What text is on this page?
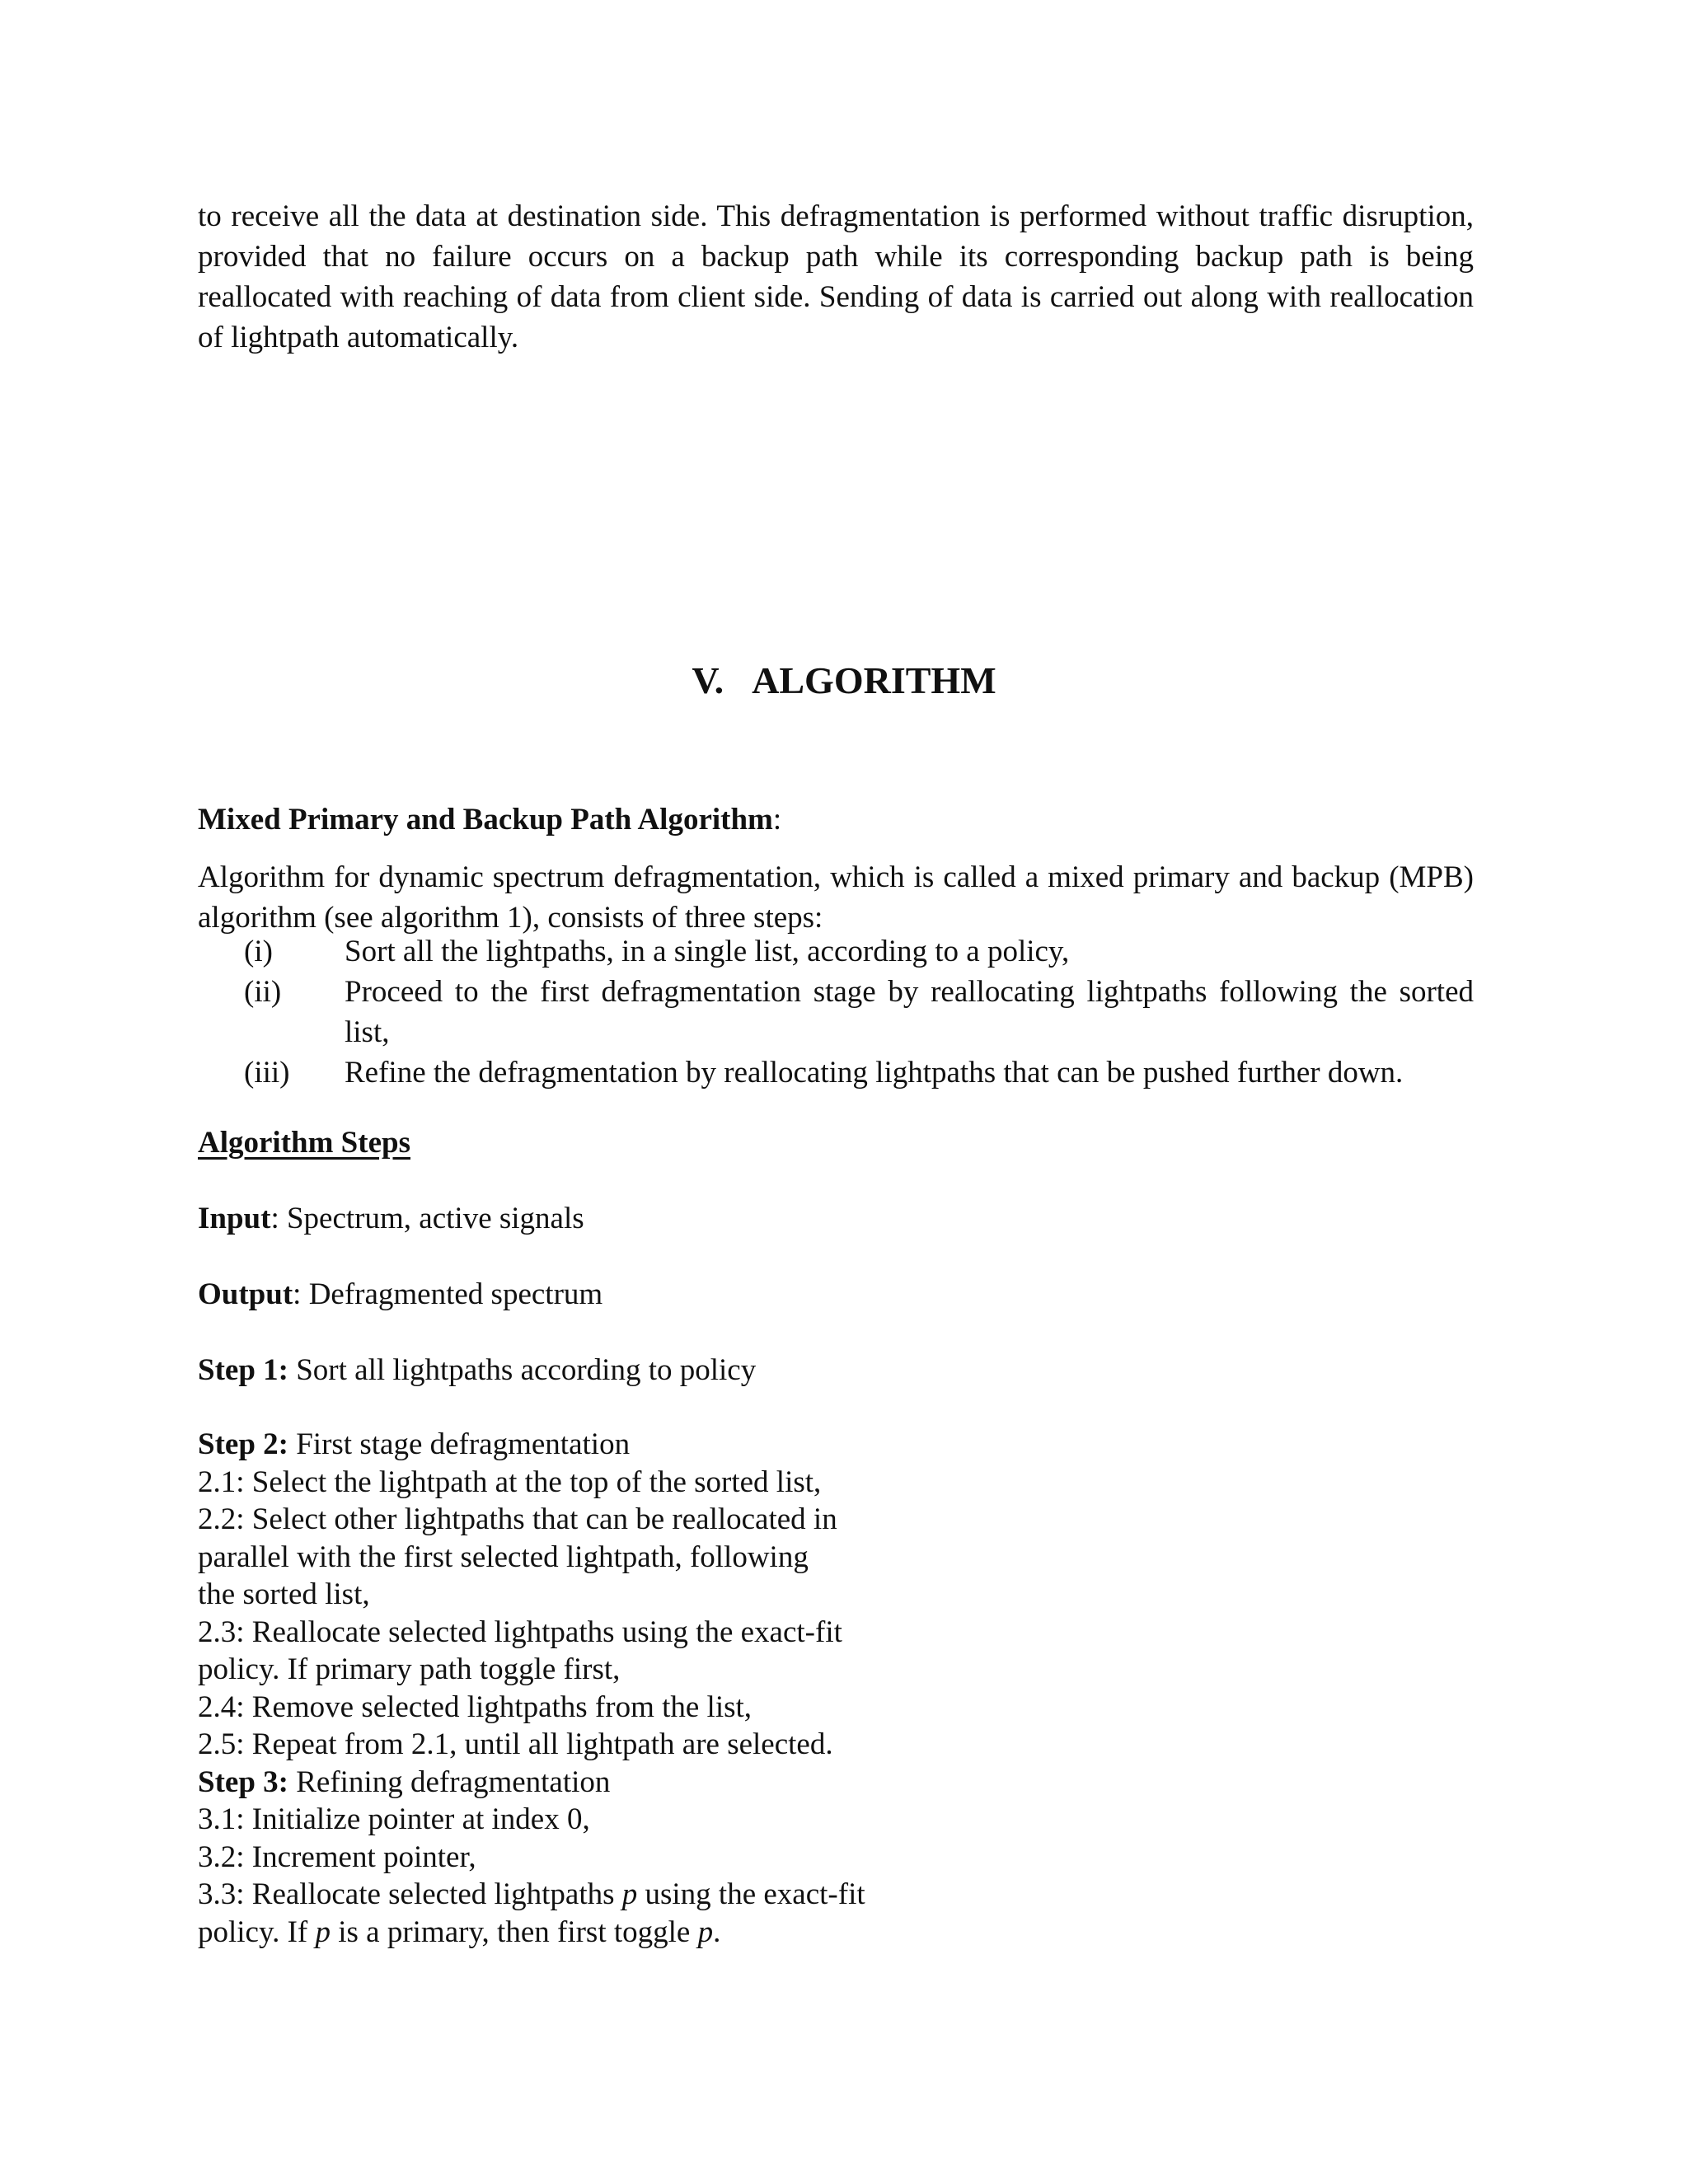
to receive all the data at destination side. This defragmentation is performed without traffic disruption, provided that no failure occurs on a backup path while its corresponding backup path is being reallocated with reaching of data from client side. Sending of data is carried out along with reallocation of lightpath automatically.

V. ALGORITHM

Mixed Primary and Backup Path Algorithm:

Algorithm for dynamic spectrum defragmentation, which is called a mixed primary and backup (MPB) algorithm (see algorithm 1), consists of three steps:

(i)	Sort all the lightpaths, in a single list, according to a policy,
(ii)	Proceed to the first defragmentation stage by reallocating lightpaths following the sorted list,
(iii)	Refine the defragmentation by reallocating lightpaths that can be pushed further down.

Algorithm Steps

Input: Spectrum, active signals

Output: Defragmented spectrum

Step 1: Sort all lightpaths according to policy

Step 2: First stage defragmentation

2.1: Select the lightpath at the top of the sorted list,

2.2: Select other lightpaths that can be reallocated in

parallel with the first selected lightpath, following

the sorted list,

2.3: Reallocate selected lightpaths using the exact-fit

policy. If primary path toggle first,

2.4: Remove selected lightpaths from the list,

2.5: Repeat from 2.1, until all lightpath are selected.

Step 3: Refining defragmentation

3.1: Initialize pointer at index 0,

3.2: Increment pointer,

3.3: Reallocate selected lightpaths p using the exact-fit

policy. If p is a primary, then first toggle p.
